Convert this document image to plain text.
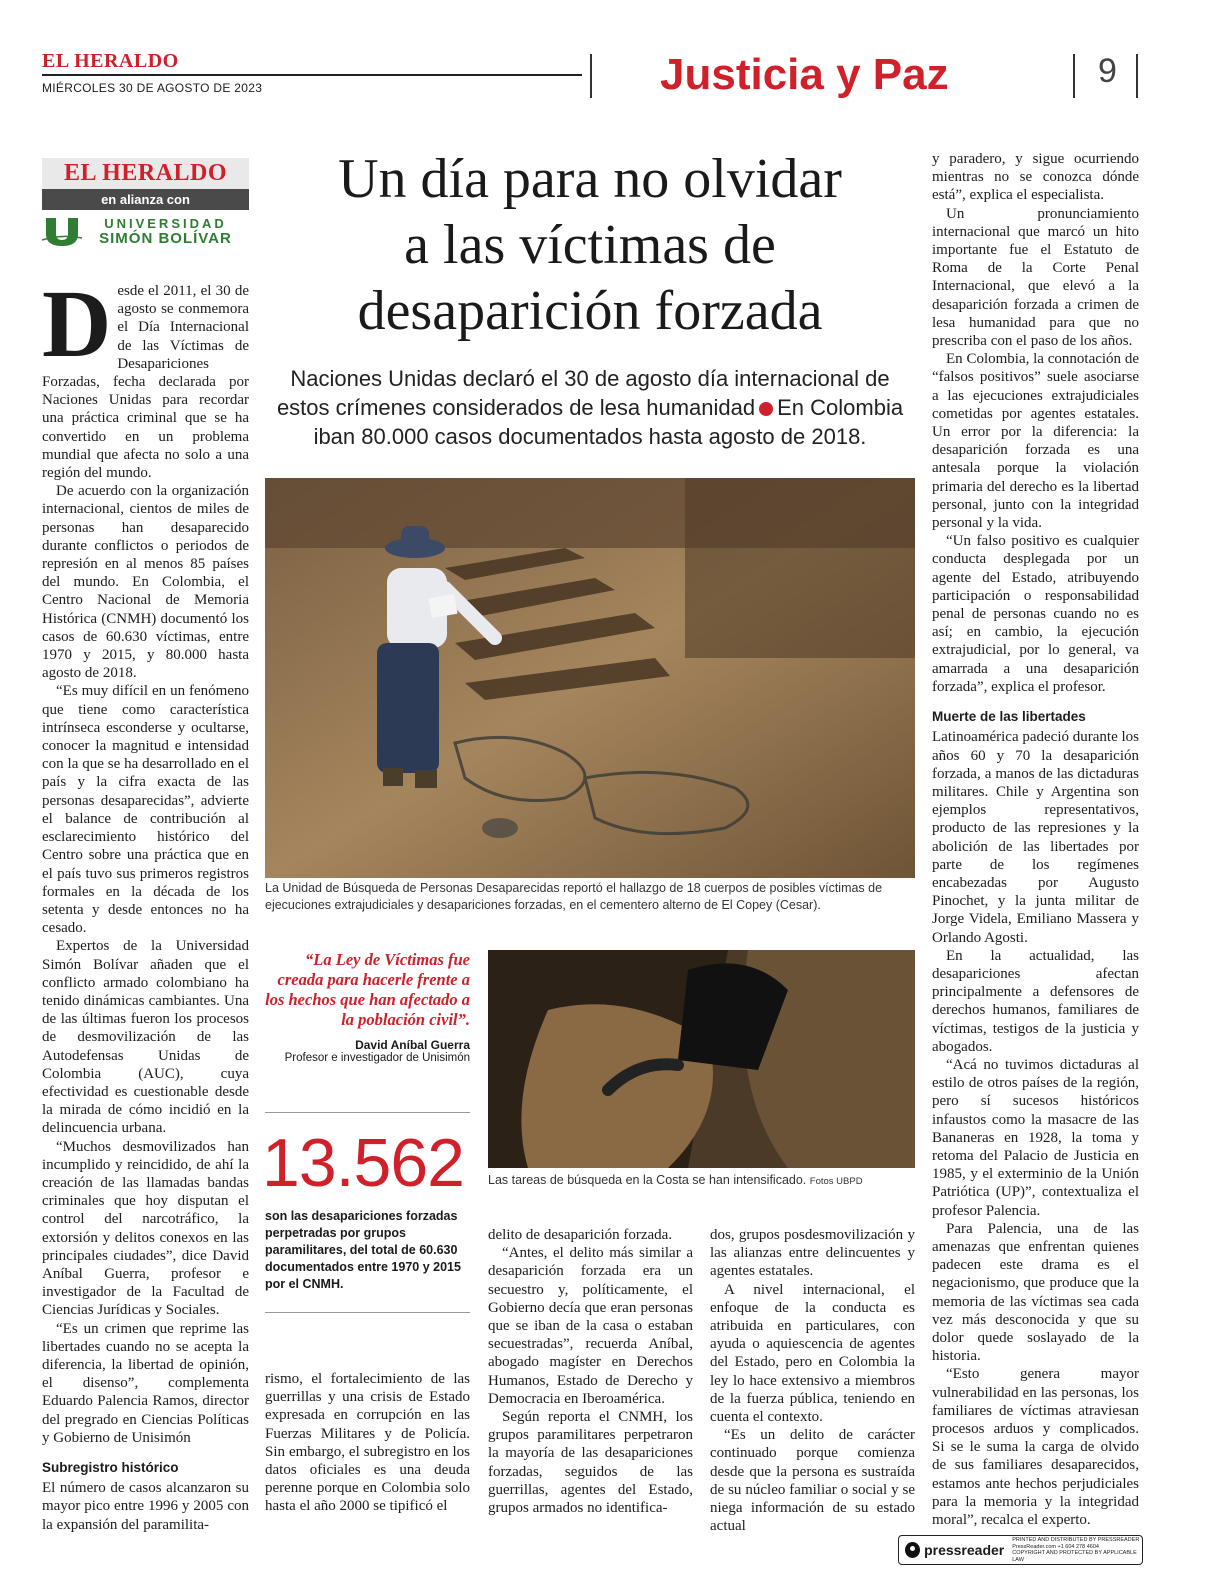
EL HERALDO
MIÉRCOLES 30 DE AGOSTO DE 2023	Justicia y Paz	9
EL HERALDO
en alianza con
UNIVERSIDAD
SIMÓN BOLÍVAR
Un día para no olvidar
a las víctimas de
desaparición forzada
Naciones Unidas declaró el 30 de agosto día internacional de estos crímenes considerados de lesa humanidad En Colombia iban 80.000 casos documentados hasta agosto de 2018.
La Unidad de Búsqueda de Personas Desaparecidas reportó el hallazgo de 18 cuerpos de posibles víctimas de ejecuciones extrajudiciales y desapariciones forzadas, en el cementero alterno de El Copey (Cesar).
“La Ley de Víctimas fue creada para hacerle frente a los hechos que han afectado a la población civil”.
David Aníbal Guerra
Profesor e investigador de Unisimón
Las tareas de búsqueda en la Costa se han intensificado. Fotos UBPD
13.562
son las desapariciones forzadas perpetradas por grupos paramilitares, del total de 60.630 documentados entre 1970 y 2015 por el CNMH.

Desde el 2011, el 30 de agosto se conmemora el Día Internacional de las Víctimas de Desapariciones Forzadas, fecha declarada por Naciones Unidas para recordar una práctica criminal que se ha convertido en un problema mundial que afecta no solo a una región del mundo.

De acuerdo con la organización internacional, cientos de miles de personas han desaparecido durante conflictos o periodos de represión en al menos 85 países del mundo. En Colombia, el Centro Nacional de Memoria Histórica (CNMH) documentó los casos de 60.630 víctimas, entre 1970 y 2015, y 80.000 hasta agosto de 2018.

“Es muy difícil en un fenómeno que tiene como característica intrínseca esconderse y ocultarse, conocer la magnitud e intensidad con la que se ha desarrollado en el país y la cifra exacta de las personas desaparecidas”, advierte el balance de contribución al esclarecimiento histórico del Centro sobre una práctica que en el país tuvo sus primeros registros formales en la década de los setenta y desde entonces no ha cesado.

Expertos de la Universidad Simón Bolívar añaden que el conflicto armado colombiano ha tenido dinámicas cambiantes. Una de las últimas fueron los procesos de desmovilización de las Autodefensas Unidas de Colombia (AUC), cuya efectividad es cuestionable desde la mirada de cómo incidió en la delincuencia urbana.

“Muchos desmovilizados han incumplido y reincidido, de ahí la creación de las llamadas bandas criminales que hoy disputan el control del narcotráfico, la extorsión y delitos conexos en las principales ciudades”, dice David Aníbal Guerra, profesor e investigador de la Facultad de Ciencias Jurídicas y Sociales.

“Es un crimen que reprime las libertades cuando no se acepta la diferencia, la libertad de opinión, el disenso”, complementa Eduardo Palencia Ramos, director del pregrado en Ciencias Políticas y Gobierno de Unisimón

Subregistro histórico

El número de casos alcanzaron su mayor pico entre 1996 y 2005 con la expansión del paramilita-

rismo, el fortalecimiento de las guerrillas y una crisis de Estado expresada en corrupción en las Fuerzas Militares y de Policía. Sin embargo, el subregistro en los datos oficiales es una deuda perenne porque en Colombia solo hasta el año 2000 se tipificó el

delito de desaparición forzada.

“Antes, el delito más similar a desaparición forzada era un secuestro y, políticamente, el Gobierno decía que eran personas que se iban de la casa o estaban secuestradas”, recuerda Aníbal, abogado magíster en Derechos Humanos, Estado de Derecho y Democracia en Iberoamérica.

Según reporta el CNMH, los grupos paramilitares perpetraron la mayoría de las desapariciones forzadas, seguidos de las guerrillas, agentes del Estado, grupos armados no identifica-

dos, grupos posdesmovilización y las alianzas entre delincuentes y agentes estatales.

A nivel internacional, el enfoque de la conducta es atribuida en particulares, con ayuda o aquiescencia de agentes del Estado, pero en Colombia la ley lo hace extensivo a miembros de la fuerza pública, teniendo en cuenta el contexto.

“Es un delito de carácter continuado porque comienza desde que la persona es sustraída de su núcleo familiar o social y se niega información de su estado actual

y paradero, y sigue ocurriendo mientras no se conozca dónde está”, explica el especialista.

Un pronunciamiento internacional que marcó un hito importante fue el Estatuto de Roma de la Corte Penal Internacional, que elevó a la desaparición forzada a crimen de lesa humanidad para que no prescriba con el paso de los años.

En Colombia, la connotación de “falsos positivos” suele asociarse a las ejecuciones extrajudiciales cometidas por agentes estatales. Un error por la diferencia: la desaparición forzada es una antesala porque la violación primaria del derecho es la libertad personal, junto con la integridad personal y la vida.

“Un falso positivo es cualquier conducta desplegada por un agente del Estado, atribuyendo participación o responsabilidad penal de personas cuando no es así; en cambio, la ejecución extrajudicial, por lo general, va amarrada a una desaparición forzada”, explica el profesor.

Muerte de las libertades

Latinoamérica padeció durante los años 60 y 70 la desaparición forzada, a manos de las dictaduras militares. Chile y Argentina son ejemplos representativos, producto de las represiones y la abolición de las libertades por parte de los regímenes encabezadas por Augusto Pinochet, y la junta militar de Jorge Videla, Emiliano Massera y Orlando Agosti.

En la actualidad, las desapariciones afectan principalmente a defensores de derechos humanos, familiares de víctimas, testigos de la justicia y abogados.

“Acá no tuvimos dictaduras al estilo de otros países de la región, pero sí sucesos históricos infaustos como la masacre de las Bananeras en 1928, la toma y retoma del Palacio de Justicia en 1985, y el exterminio de la Unión Patriótica (UP)”, contextualiza el profesor Palencia.

Para Palencia, una de las amenazas que enfrentan quienes padecen este drama es el negacionismo, que produce que la memoria de las víctimas sea cada vez más desconocida y que su dolor quede soslayado de la historia.

“Esto genera mayor vulnerabilidad en las personas, los familiares de víctimas atraviesan procesos arduos y complicados. Si se le suma la carga de olvido de sus familiares desaparecidos, estamos ante hechos perjudiciales para la memoria y la integridad moral”, recalca el experto.

pressreader
PRINTED AND DISTRIBUTED BY PRESSREADER
PressReader.com +1 604 278 4604
COPYRIGHT AND PROTECTED BY APPLICABLE LAW
